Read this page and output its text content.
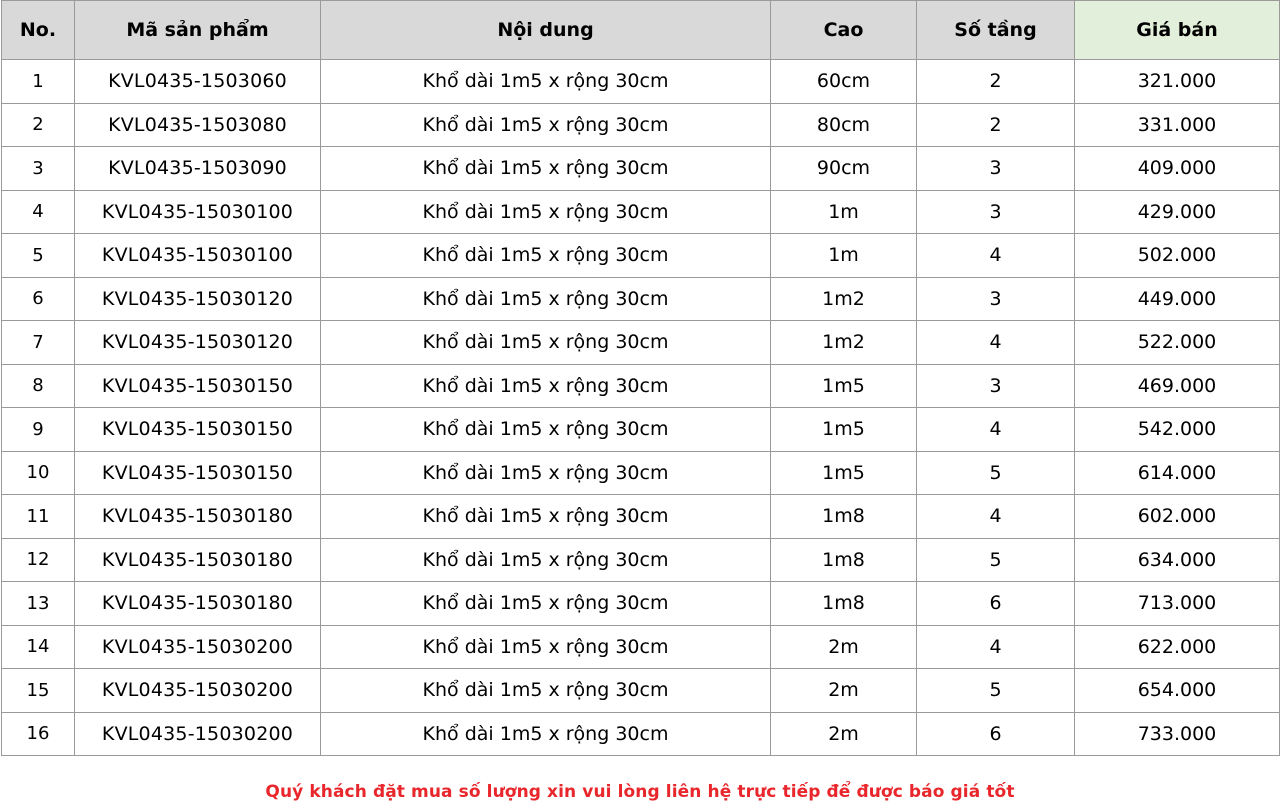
No.	Mã sản phẩm	Nội dung	Cao	Số tầng	Giá bán
1	KVL0435-1503060	Khổ dài 1m5 x rộng 30cm	60cm	2	321.000
2	KVL0435-1503080	Khổ dài 1m5 x rộng 30cm	80cm	2	331.000
3	KVL0435-1503090	Khổ dài 1m5 x rộng 30cm	90cm	3	409.000
4	KVL0435-15030100	Khổ dài 1m5 x rộng 30cm	1m	3	429.000
5	KVL0435-15030100	Khổ dài 1m5 x rộng 30cm	1m	4	502.000
6	KVL0435-15030120	Khổ dài 1m5 x rộng 30cm	1m2	3	449.000
7	KVL0435-15030120	Khổ dài 1m5 x rộng 30cm	1m2	4	522.000
8	KVL0435-15030150	Khổ dài 1m5 x rộng 30cm	1m5	3	469.000
9	KVL0435-15030150	Khổ dài 1m5 x rộng 30cm	1m5	4	542.000
10	KVL0435-15030150	Khổ dài 1m5 x rộng 30cm	1m5	5	614.000
11	KVL0435-15030180	Khổ dài 1m5 x rộng 30cm	1m8	4	602.000
12	KVL0435-15030180	Khổ dài 1m5 x rộng 30cm	1m8	5	634.000
13	KVL0435-15030180	Khổ dài 1m5 x rộng 30cm	1m8	6	713.000
14	KVL0435-15030200	Khổ dài 1m5 x rộng 30cm	2m	4	622.000
15	KVL0435-15030200	Khổ dài 1m5 x rộng 30cm	2m	5	654.000
16	KVL0435-15030200	Khổ dài 1m5 x rộng 30cm	2m	6	733.000
Quý khách đặt mua số lượng xin vui lòng liên hệ trực tiếp để được báo giá tốt
